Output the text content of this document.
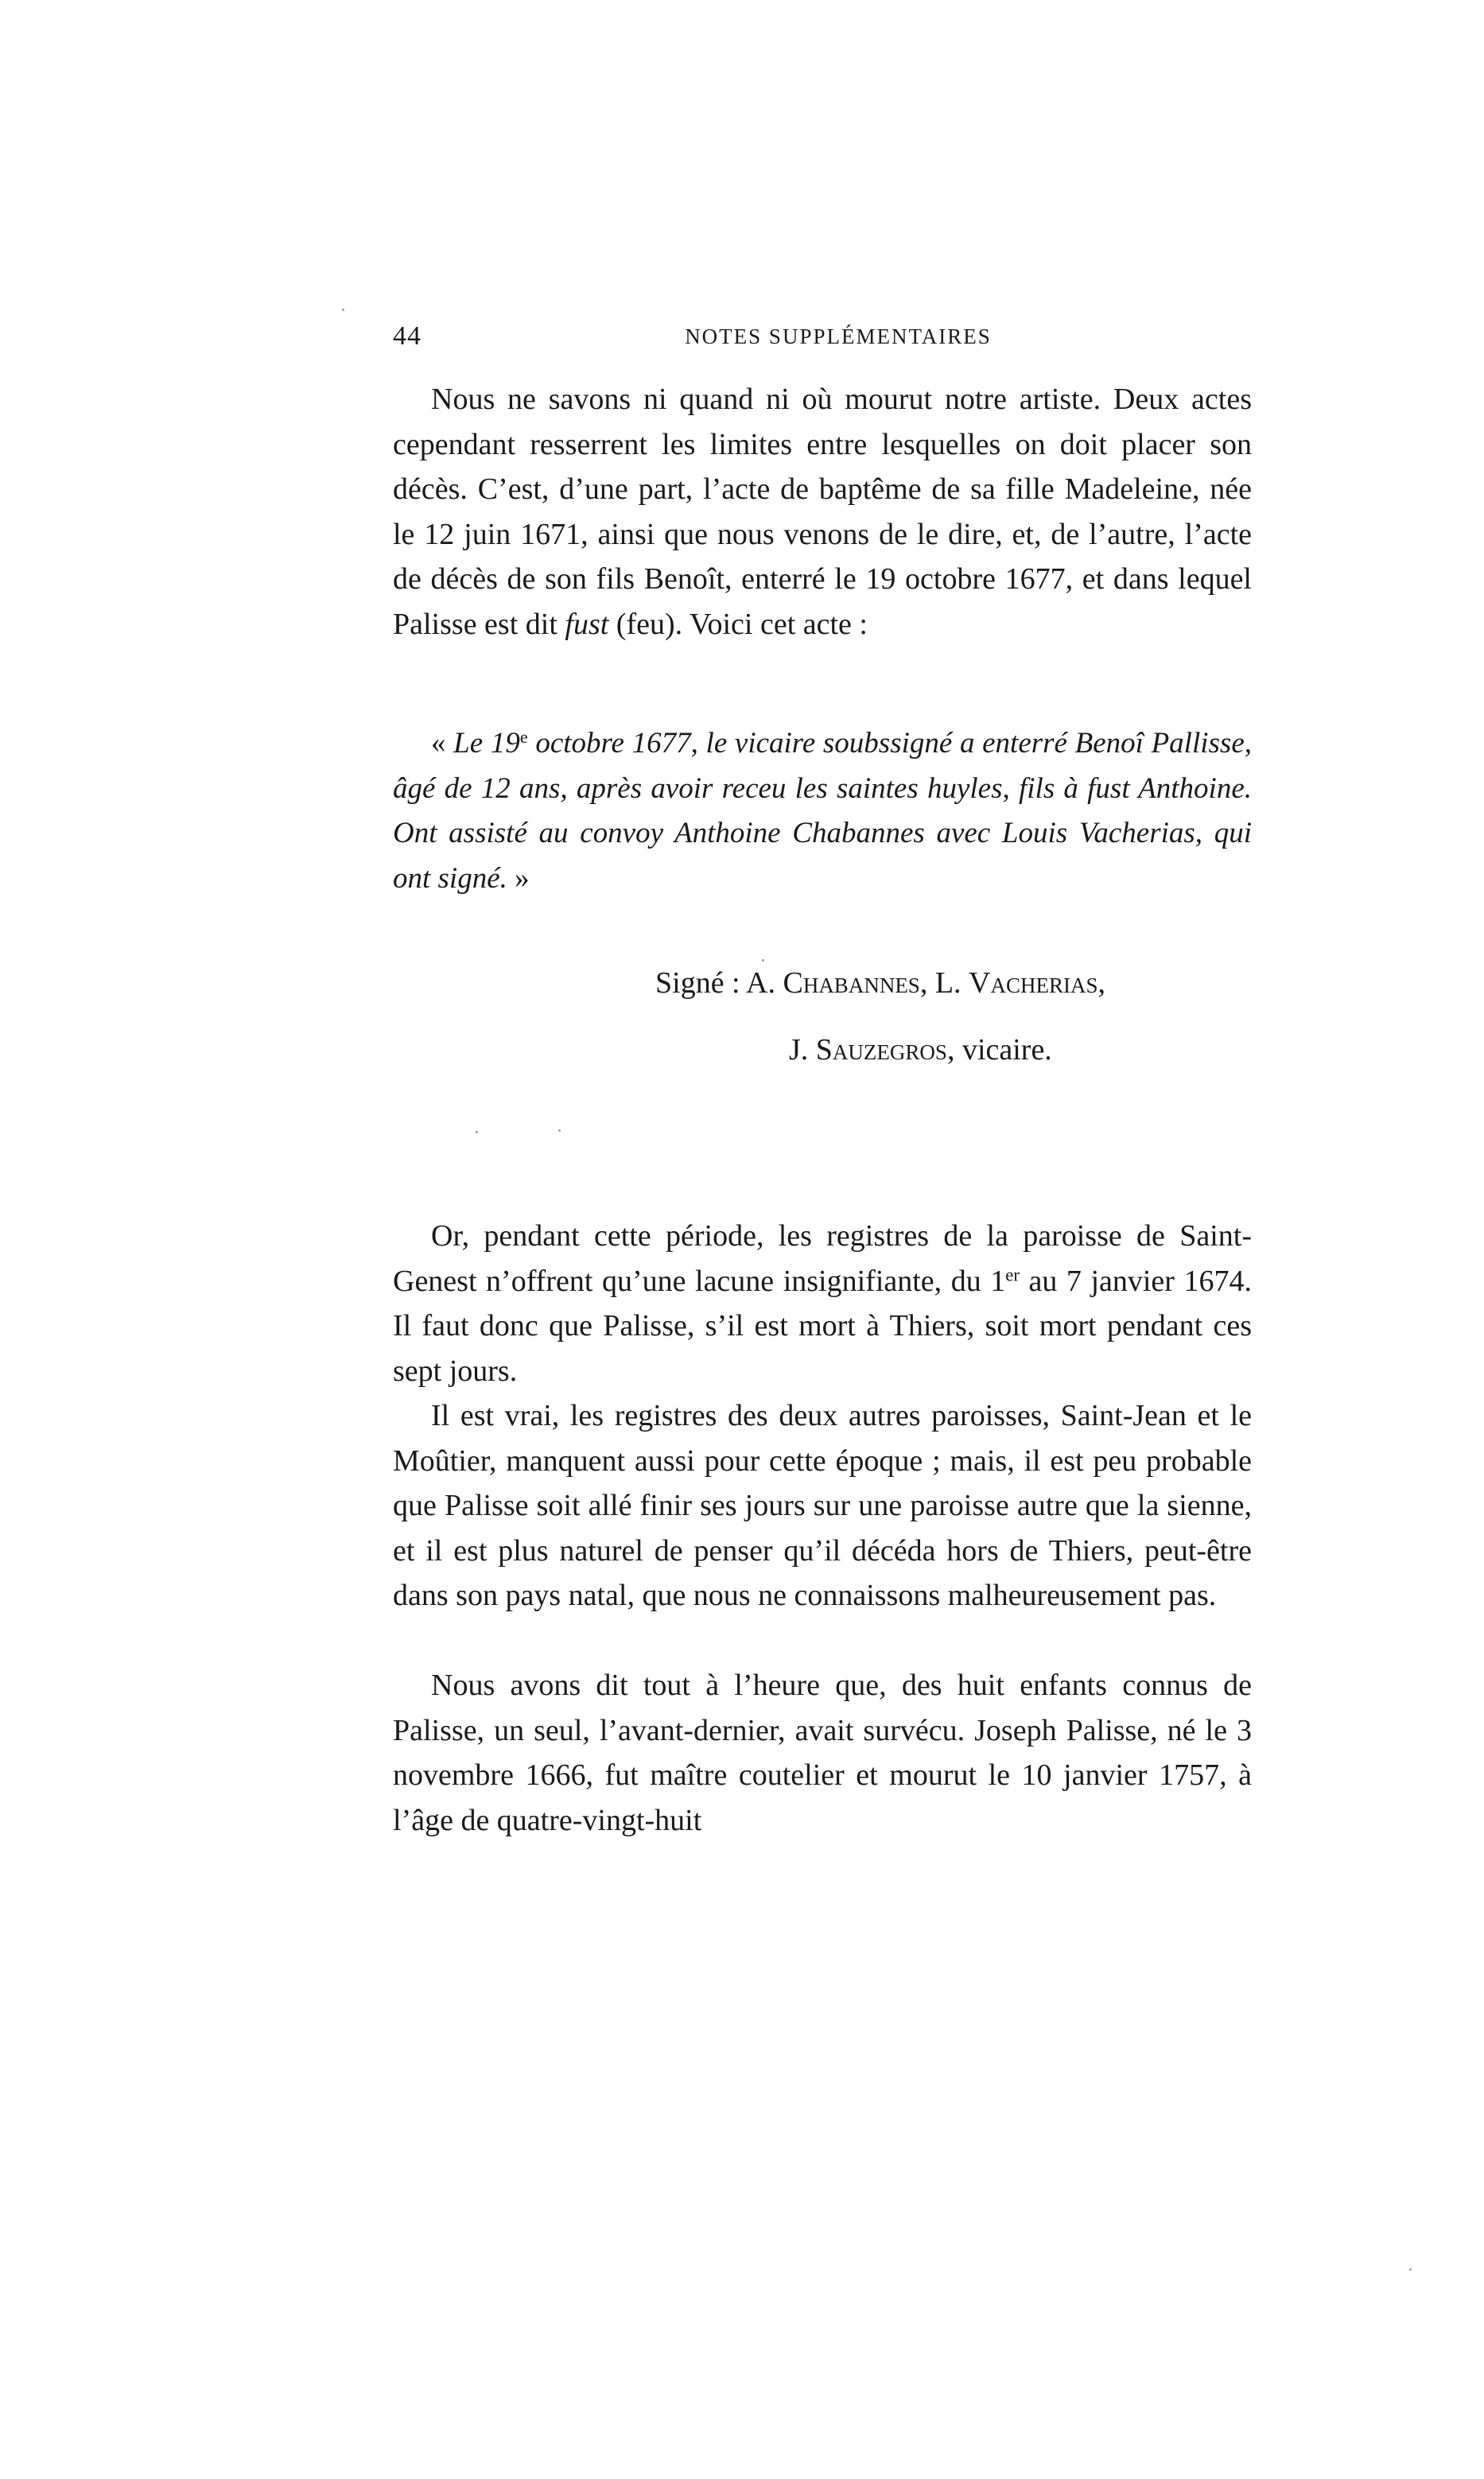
44	NOTES SUPPLÉMENTAIRES

Nous ne savons ni quand ni où mourut notre artiste. Deux actes cependant resserrent les limites entre lesquelles on doit placer son décès. C’est, d’une part, l’acte de baptême de sa fille Madeleine, née le 12 juin 1671, ainsi que nous venons de le dire, et, de l’autre, l’acte de décès de son fils Benoît, enterré le 19 octobre 1677, et dans lequel Palisse est dit fust (feu). Voici cet acte :

« Le 19e octobre 1677, le vicaire soubssigné a enterré Benoî Pallisse, âgé de 12 ans, après avoir receu les saintes huyles, fils à fust Anthoine. Ont assisté au convoy Anthoine Chabannes avec Louis Vacherias, qui ont signé. »

Signé : A. Chabannes, L. Vacherias,
J. Sauzegros, vicaire.

Or, pendant cette période, les registres de la paroisse de Saint-Genest n’offrent qu’une lacune insignifiante, du 1er au 7 janvier 1674. Il faut donc que Palisse, s’il est mort à Thiers, soit mort pendant ces sept jours.

Il est vrai, les registres des deux autres paroisses, Saint-Jean et le Moûtier, manquent aussi pour cette époque ; mais, il est peu probable que Palisse soit allé finir ses jours sur une paroisse autre que la sienne, et il est plus naturel de penser qu’il décéda hors de Thiers, peut-être dans son pays natal, que nous ne connaissons malheureusement pas.

Nous avons dit tout à l’heure que, des huit enfants connus de Palisse, un seul, l’avant-dernier, avait survécu. Joseph Palisse, né le 3 novembre 1666, fut maître coutelier et mourut le 10 janvier 1757, à l’âge de quatre-vingt-huit
